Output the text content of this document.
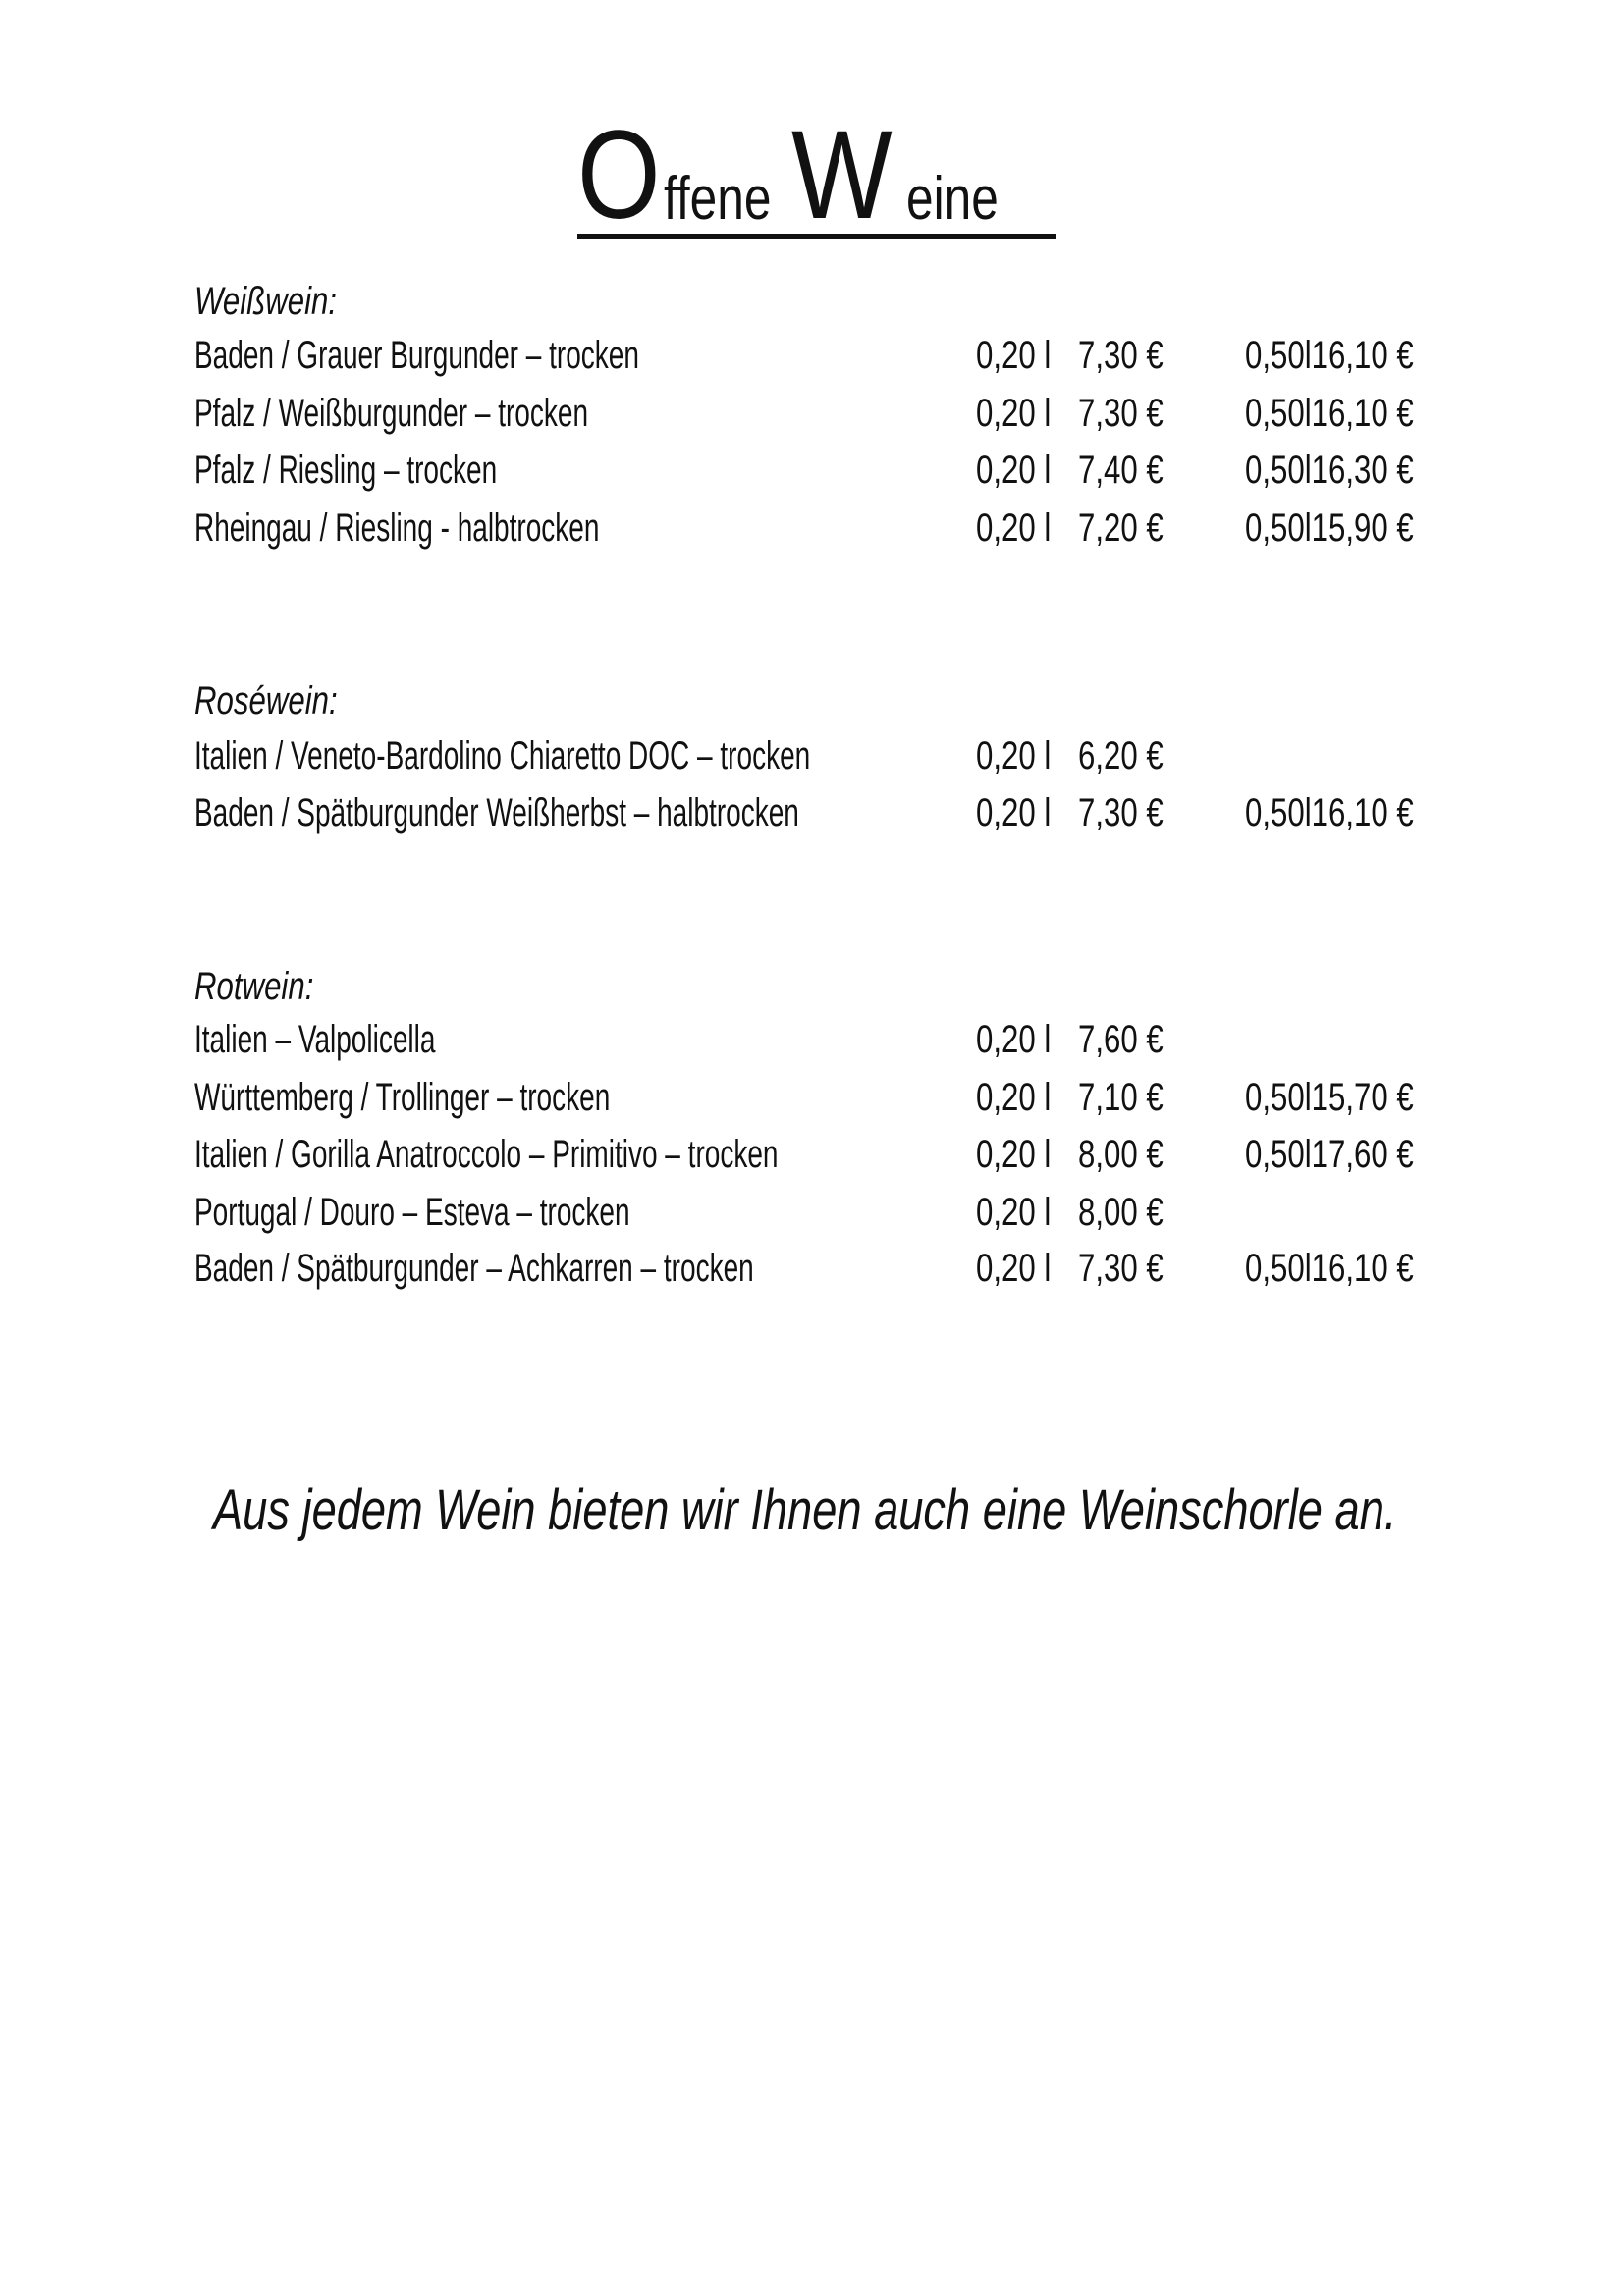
Offene W eine
Weißwein:
Baden / Grauer Burgunder – trocken	0,20 l 7,30 € 0,50l16,10 €
Pfalz / Weißburgunder – trocken	0,20 l 7,30 € 0,50l16,10 €
Pfalz / Riesling – trocken	0,20 l 7,40 € 0,50l16,30 €
Rheingau / Riesling - halbtrocken	0,20 l 7,20 € 0,50l15,90 €
Roséwein:
Italien / Veneto-Bardolino Chiaretto DOC – trocken	0,20 l 6,20 €
Baden / Spätburgunder Weißherbst – halbtrocken	0,20 l 7,30 € 0,50l16,10 €
Rotwein:
Italien – Valpolicella	0,20 l 7,60 €
Württemberg / Trollinger – trocken	0,20 l 7,10 € 0,50l15,70 €
Italien / Gorilla Anatroccolo – Primitivo – trocken	0,20 l 8,00 € 0,50l17,60 €
Portugal / Douro – Esteva – trocken	0,20 l 8,00 €
Baden / Spätburgunder – Achkarren – trocken	0,20 l 7,30 € 0,50l16,10 €
Aus jedem Wein bieten wir Ihnen auch eine Weinschorle an.
